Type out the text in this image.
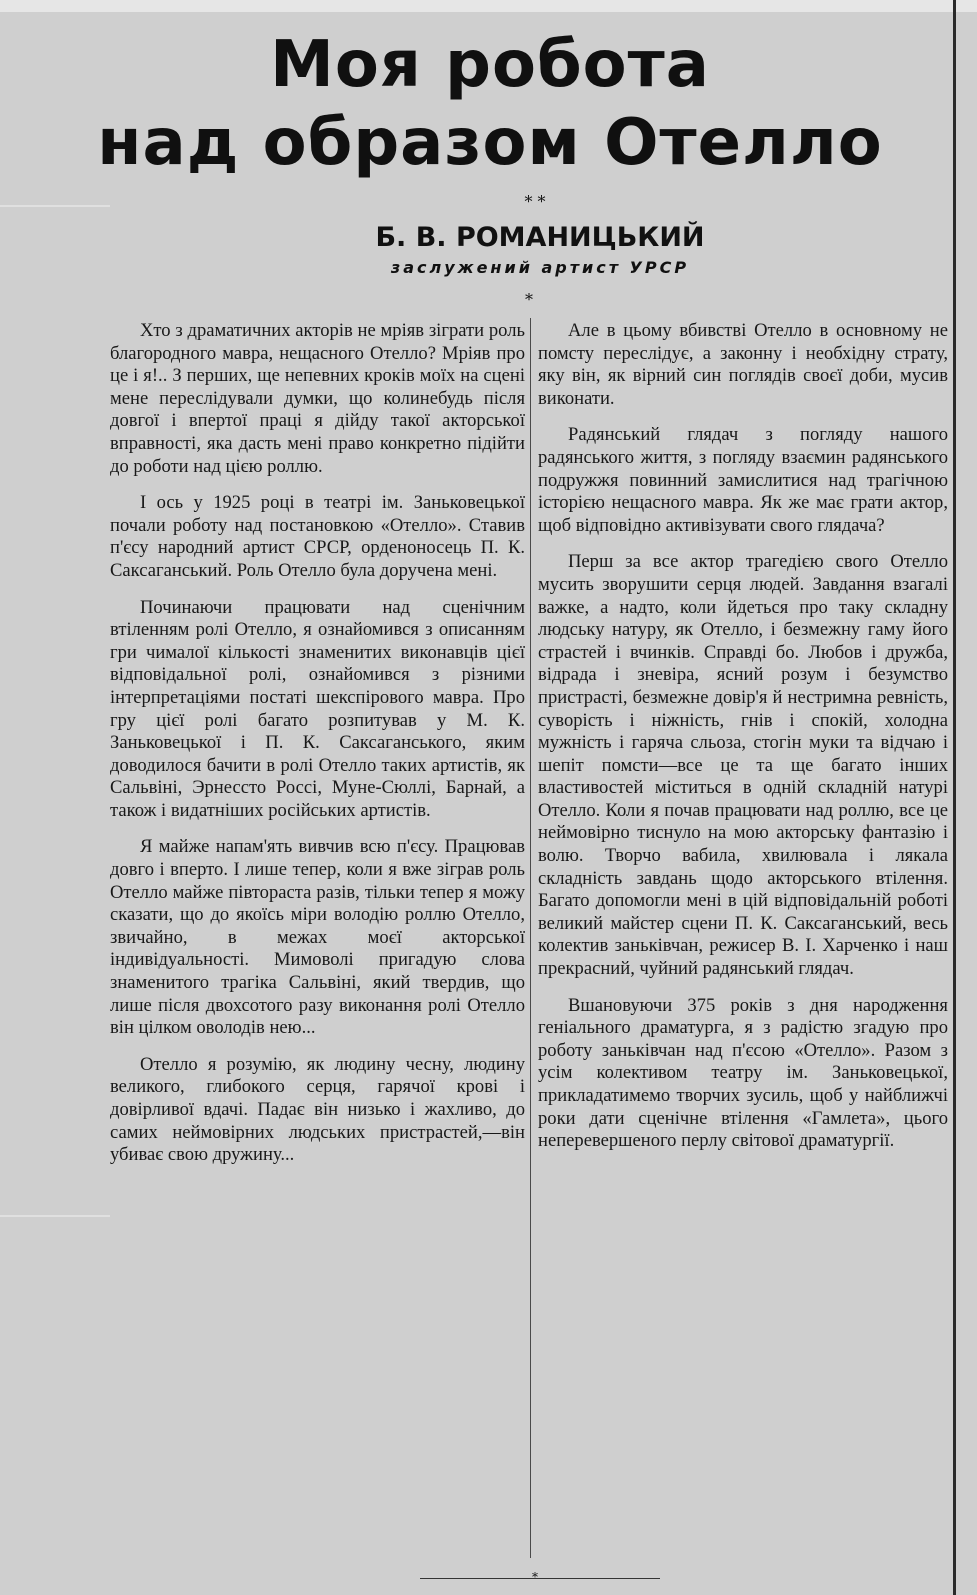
Моя робота
над образом Отелло
* *
Б. В. РОМАНИЦЬКИЙ
заслужений артист УРСР
*

Хто з драматичних акторів не мріяв зіграти роль благородного мавра, нещасного Отелло? Мріяв про це і я!.. З перших, ще непевних кроків моїх на сцені мене переслідували думки, що колинебудь після довгої і впертої праці я дійду такої акторської вправності, яка дасть мені право конкретно підійти до роботи над цією роллю.

І ось у 1925 році в театрі ім. Заньковецької почали роботу над постановкою «Отелло». Ставив п'єсу народний артист СРСР, орденоносець П. К. Саксаганський. Роль Отелло була доручена мені.

Починаючи працювати над сценічним втіленням ролі Отелло, я ознайомився з описанням гри чималої кількості знаменитих виконавців цієї відповідальної ролі, ознайомився з різними інтерпретаціями постаті шекспірового мавра. Про гру цієї ролі багато розпитував у М. К. Заньковецької і П. К. Саксаганського, яким доводилося бачити в ролі Отелло таких артистів, як Сальвіні, Эрнессто Россі, Муне-Сюллі, Барнай, а також і видатніших російських артистів.

Я майже напам'ять вивчив всю п'єсу. Працював довго і вперто. І лише тепер, коли я вже зіграв роль Отелло майже півтораста разів, тільки тепер я можу сказати, що до якоїсь міри володію роллю Отелло, звичайно, в межах моєї акторської індивідуальності. Мимоволі пригадую слова знаменитого трагіка Сальвіні, який твердив, що лише після двохсотого разу виконання ролі Отелло він цілком оволодів нею...

Отелло я розумію, як людину чесну, людину великого, глибокого серця, гарячої крові і довірливої вдачі. Падає він низько і жахливо, до самих неймовірних людських пристрастей,—він убиває свою дружину...

Але в цьому вбивстві Отелло в основному не помсту переслідує, а законну і необхідну страту, яку він, як вірний син поглядів своєї доби, мусив виконати.

Радянський глядач з погляду нашого радянського життя, з погляду взаємин радянського подружжя повинний замислитися над трагічною історією нещасного мавра. Як же має грати актор, щоб відповідно активізувати свого глядача?

Перш за все актор трагедією свого Отелло мусить зворушити серця людей. Завдання взагалі важке, а надто, коли йдеться про таку складну людську натуру, як Отелло, і безмежну гаму його страстей і вчинків. Справді бо. Любов і дружба, відрада і зневіра, ясний розум і безумство пристрасті, безмежне довір'я й нестримна ревність, суворість і ніжність, гнів і спокій, холодна мужність і гаряча сльоза, стогін муки та відчаю і шепіт помсти—все це та ще багато інших властивостей міститься в одній складній натурі Отелло. Коли я почав працювати над роллю, все це неймовірно тиснуло на мою акторську фантазію і волю. Творчо вабила, хвилювала і лякала складність завдань щодо акторського втілення. Багато допомогли мені в цій відповідальній роботі великий майстер сцени П. К. Саксаганський, весь колектив заньківчан, режисер В. І. Харченко і наш прекрасний, чуйний радянський глядач.

Вшановуючи 375 років з дня народження геніального драматурга, я з радістю згадую про роботу заньківчан над п'єсою «Отелло». Разом з усім колективом театру ім. Заньковецької, прикладатимемо творчих зусиль, щоб у найближчі роки дати сценічне втілення «Гамлета», цього неперевершеного перлу світової драматургії.

*
